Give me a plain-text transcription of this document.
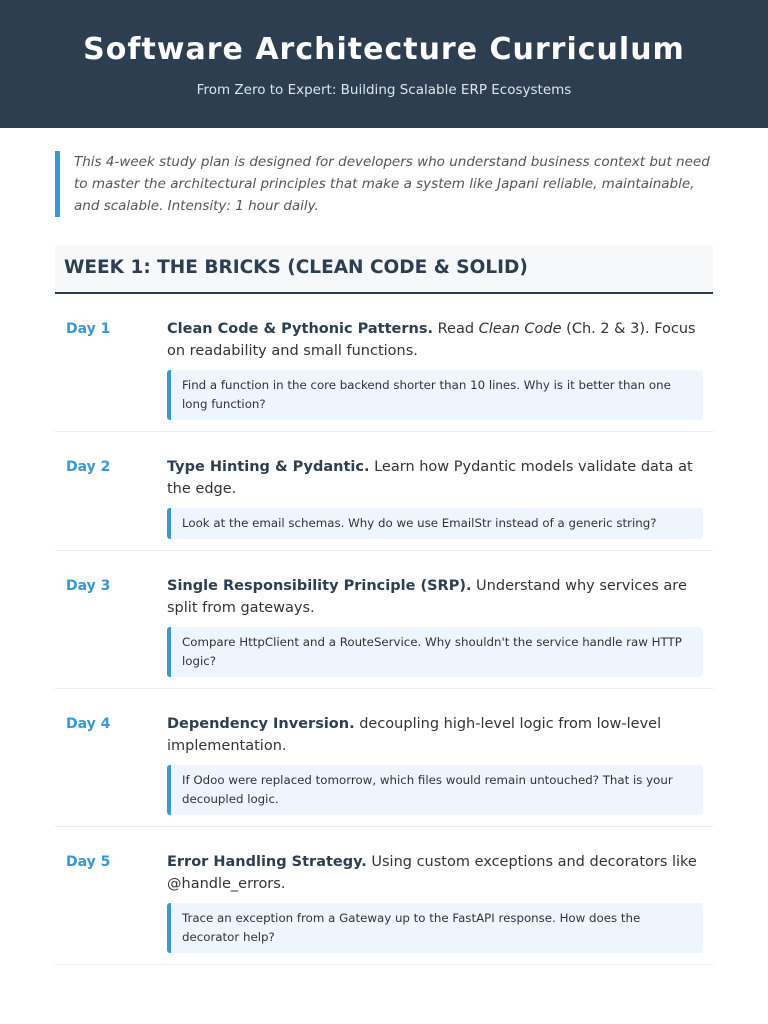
Software Architecture Curriculum
From Zero to Expert: Building Scalable ERP Ecosystems
This 4-week study plan is designed for developers who understand business context but need to master the architectural principles that make a system like Japani reliable, maintainable, and scalable. Intensity: 1 hour daily.
WEEK 1: THE BRICKS (CLEAN CODE & SOLID)
Day 1	Clean Code & Pythonic Patterns. Read Clean Code (Ch. 2 & 3). Focus on readability and small functions.
Find a function in the core backend shorter than 10 lines. Why is it better than one long function?
Day 2	Type Hinting & Pydantic. Learn how Pydantic models validate data at the edge.
Look at the email schemas. Why do we use EmailStr instead of a generic string?
Day 3	Single Responsibility Principle (SRP). Understand why services are split from gateways.
Compare HttpClient and a RouteService. Why shouldn't the service handle raw HTTP logic?
Day 4	Dependency Inversion. decoupling high-level logic from low-level implementation.
If Odoo were replaced tomorrow, which files would remain untouched? That is your decoupled logic.
Day 5	Error Handling Strategy. Using custom exceptions and decorators like @handle_errors.
Trace an exception from a Gateway up to the FastAPI response. How does the decorator help?
